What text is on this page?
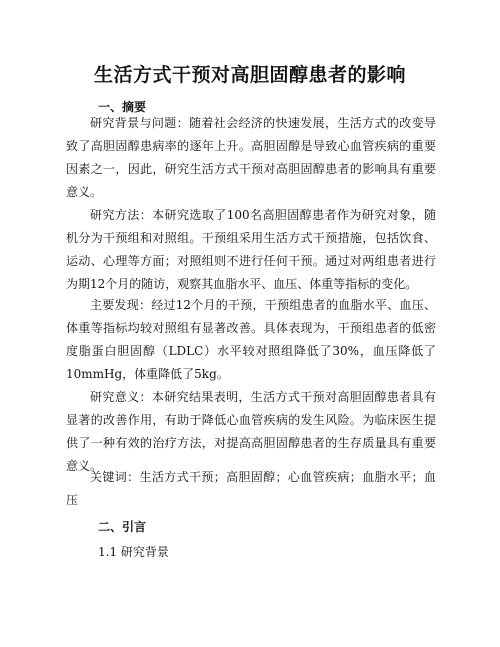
生活方式干预对高胆固醇患者的影响
一、摘要

研究背景与问题：随着社会经济的快速发展，生活方式的改变导致了高胆固醇患病率的逐年上升。高胆固醇是导致心血管疾病的重要因素之一，因此，研究生活方式干预对高胆固醇患者的影响具有重要意义。

研究方法：本研究选取了100名高胆固醇患者作为研究对象，随机分为干预组和对照组。干预组采用生活方式干预措施，包括饮食、运动、心理等方面；对照组则不进行任何干预。通过对两组患者进行为期12个月的随访，观察其血脂水平、血压、体重等指标的变化。

主要发现：经过12个月的干预，干预组患者的血脂水平、血压、体重等指标均较对照组有显著改善。具体表现为，干预组患者的低密度脂蛋白胆固醇（LDLC）水平较对照组降低了30%，血压降低了10mmHg，体重降低了5kg。

研究意义：本研究结果表明，生活方式干预对高胆固醇患者具有显著的改善作用，有助于降低心血管疾病的发生风险。为临床医生提供了一种有效的治疗方法，对提高高胆固醇患者的生存质量具有重要意义。

关键词：生活方式干预；高胆固醇；心血管疾病；血脂水平；血压

二、引言
1.1 研究背景
